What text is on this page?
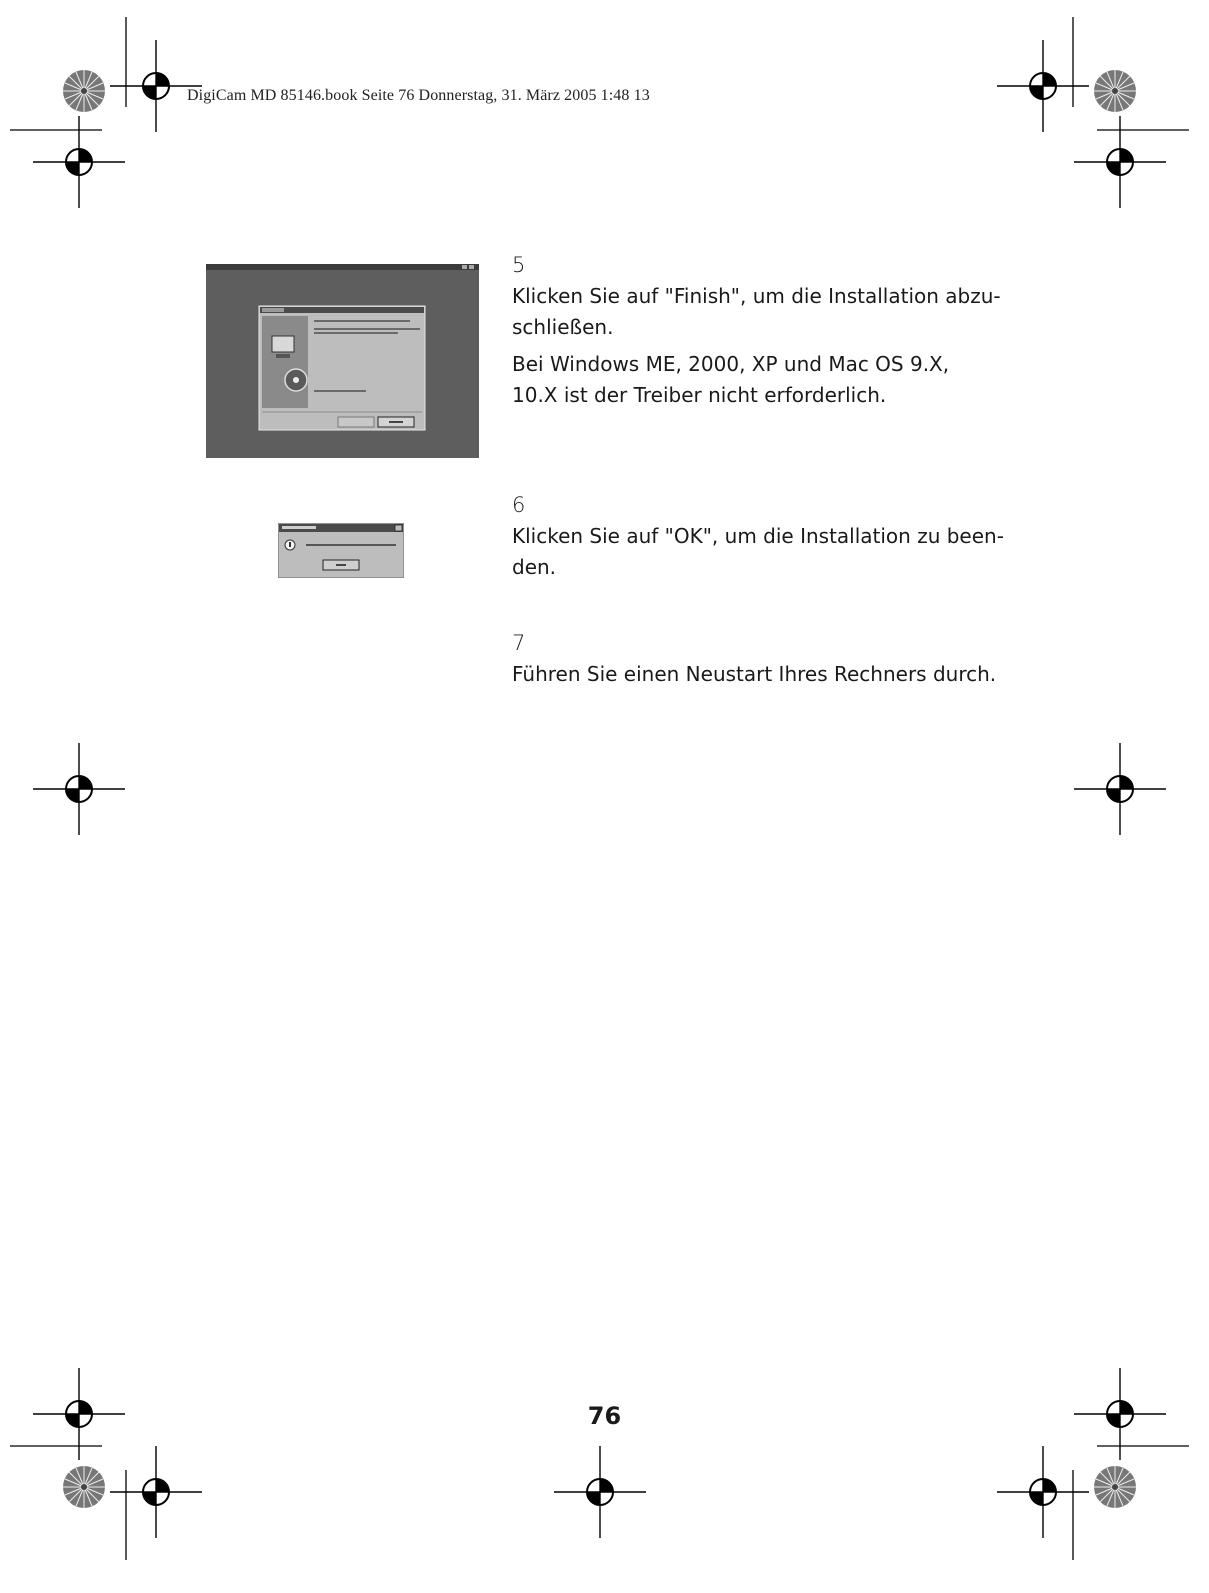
DigiCam MD 85146.book Seite 76 Donnerstag, 31. März 2005 1:48 13
5

Klicken Sie auf "Finish", um die Installation abzu-schließen.

Bei Windows ME, 2000, XP und Mac OS 9.X, 10.X ist der Treiber nicht erforderlich.

6

Klicken Sie auf "OK", um die Installation zu been-den.

7

Führen Sie einen Neustart Ihres Rechners durch.

76
